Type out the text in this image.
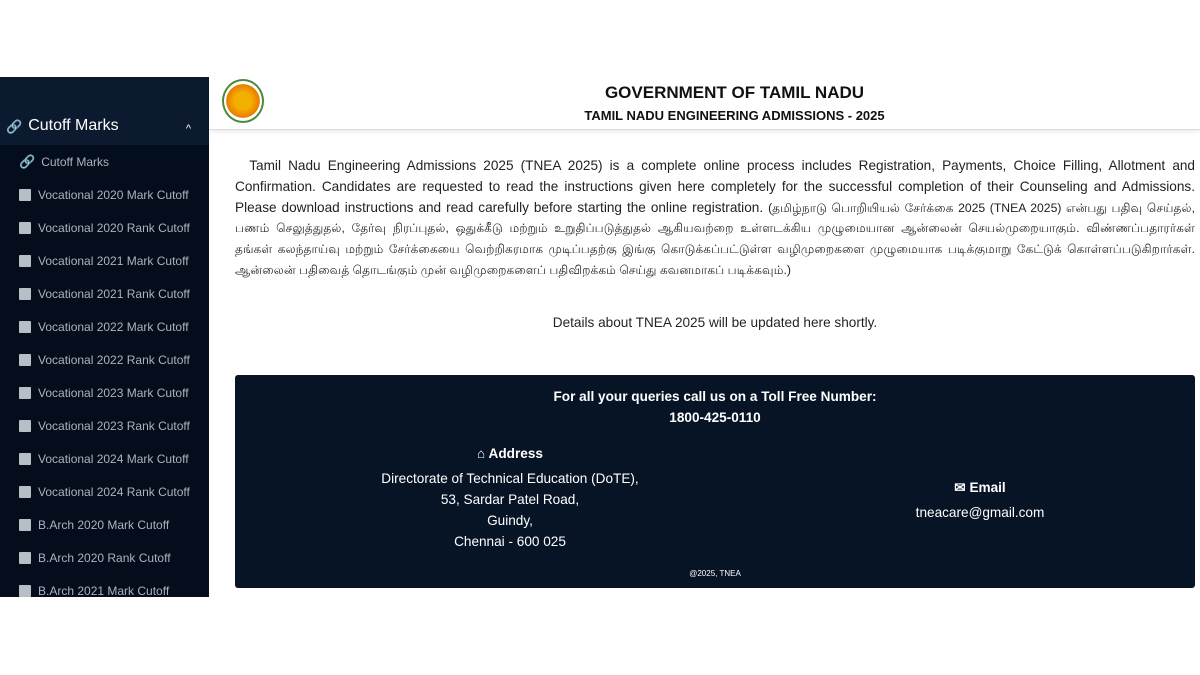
🔗 Cutoff Marks	^
🔗 Cutoff Marks
Vocational 2020 Mark Cutoff
Vocational 2020 Rank Cutoff
Vocational 2021 Mark Cutoff
Vocational 2021 Rank Cutoff
Vocational 2022 Mark Cutoff
Vocational 2022 Rank Cutoff
Vocational 2023 Mark Cutoff
Vocational 2023 Rank Cutoff
Vocational 2024 Mark Cutoff
Vocational 2024 Rank Cutoff
B.Arch 2020 Mark Cutoff
B.Arch 2020 Rank Cutoff
B.Arch 2021 Mark Cutoff
GOVERNMENT OF TAMIL NADU
TAMIL NADU ENGINEERING ADMISSIONS - 2025
Tamil Nadu Engineering Admissions 2025 (TNEA 2025) is a complete online process includes Registration, Payments, Choice Filling, Allotment and Confirmation. Candidates are requested to read the instructions given here completely for the successful completion of their Counseling and Admissions. Please download instructions and read carefully before starting the online registration. (தமிழ்நாடு பொறியியல் சேர்க்கை 2025 (TNEA 2025) என்பது பதிவு செய்தல், பணம் செலுத்துதல், தேர்வு நிரப்புதல், ஒதுக்கீடு மற்றும் உறுதிப்படுத்துதல் ஆகியவற்றை உள்ளடக்கிய முழுமையான ஆன்லைன் செயல்முறையாகும். விண்ணப்பதாரர்கள் தங்கள் கலந்தாய்வு மற்றும் சேர்க்கையை வெற்றிகரமாக முடிப்பதற்கு இங்கு கொடுக்கப்பட்டுள்ள வழிமுறைகளை முழுமையாக படிக்குமாறு கேட்டுக் கொள்ளப்படுகிறார்கள். ஆன்லைன் பதிவைத் தொடங்கும் முன் வழிமுறைகளைப் பதிவிறக்கம் செய்து கவனமாகப் படிக்கவும்.)
Details about TNEA 2025 will be updated here shortly.
For all your queries call us on a Toll Free Number:
1800-425-0110
⌂ Address
Directorate of Technical Education (DoTE),
53, Sardar Patel Road,
Guindy,
Chennai - 600 025
✉ Email
tneacare@gmail.com
@2025, TNEA
